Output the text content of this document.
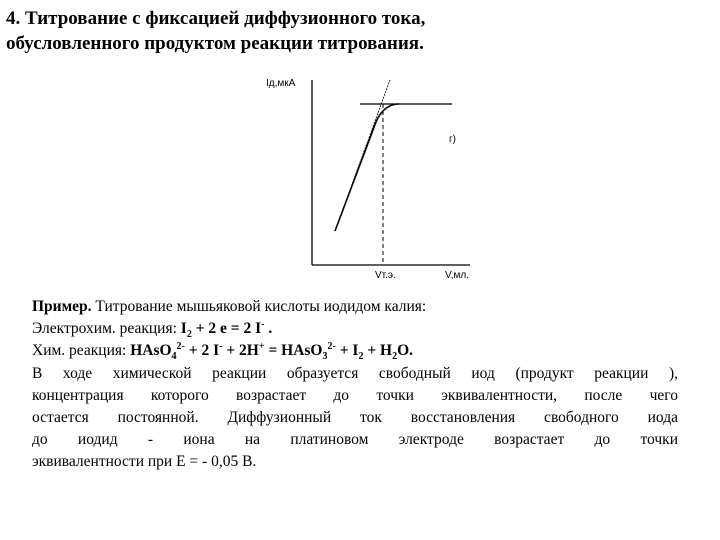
4. Титрование с фиксацией диффузионного тока,
обусловленного продуктом реакции титрования.
Iд,мкА
г)
Vт.э.	V,мл.

Пример. Титрование мышьяковой кислоты иодидом калия:

Электрохим. реакция: $I_2 + 2$ e = 2 I- .

Хим. реакция: HAsO$_4^{2-}$ + 2 I- + 2H+ = HAsO$_3^{2-}$ + $I_2 + H_2O$.

В ходе химической реакции образуется свободный иод (продукт реакции ),

концентрация которого возрастает до точки эквивалентности, после чего

остается постоянной. Диффузионный ток восстановления свободного иода

до иодид - иона на платиновом электроде возрастает до точки

эквивалентности при E = - 0,05 В.
